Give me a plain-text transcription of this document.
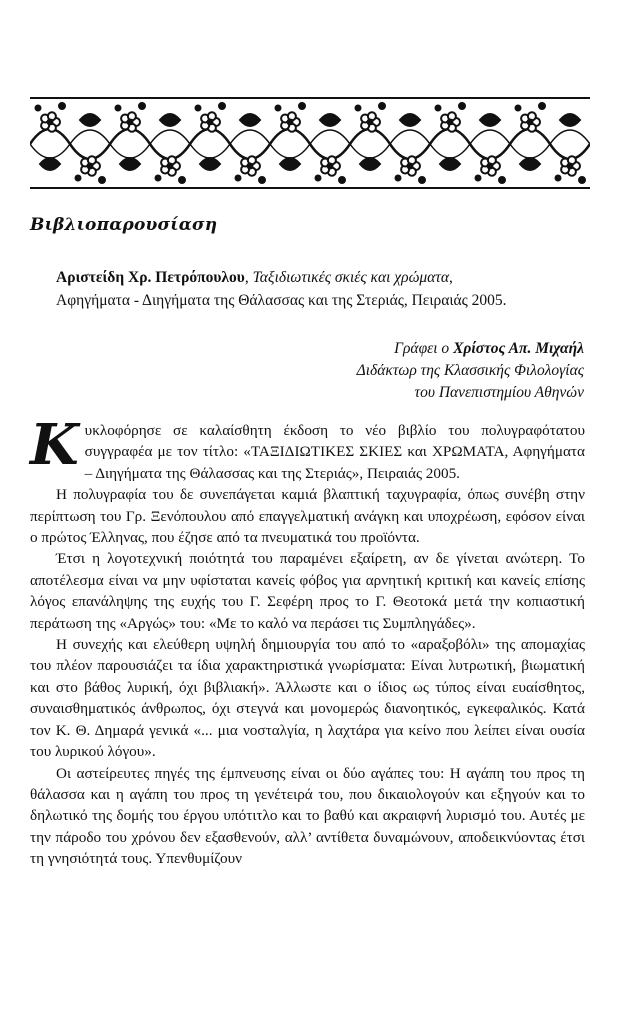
Βιβλιοπαρουσίαση
Αριστείδη Χρ. Πετρόπουλου, Ταξιδιωτικές σκιές και χρώματα,
Αφηγήματα - Διηγήματα της Θάλασσας και της Στεριάς, Πειραιάς 2005.
Γράφει ο Χρίστος Απ. Μιχαήλ
Διδάκτωρ της Κλασσικής Φιλολογίας
του Πανεπιστημίου Αθηνών

Κυκλοφόρησε σε καλαίσθητη έκδοση το νέο βιβλίο του πολυγραφότατου συγγραφέα με τον τίτλο: «ΤΑΞΙΔΙΩΤΙΚΕΣ ΣΚΙΕΣ και ΧΡΩΜΑΤΑ, Αφηγήματα – Διηγήματα της Θάλασσας και της Στεριάς», Πειραιάς 2005.

Η πολυγραφία του δε συνεπάγεται καμιά βλαπτική ταχυγραφία, όπως συνέβη στην περίπτωση του Γρ. Ξενόπουλου από επαγγελματική ανάγκη και υποχρέωση, εφόσον είναι ο πρώτος Έλληνας, που έζησε από τα πνευματικά του προϊόντα.

Έτσι η λογοτεχνική ποιότητά του παραμένει εξαίρετη, αν δε γίνεται ανώτερη. Το αποτέλεσμα είναι να μην υφίσταται κανείς φόβος για αρνητική κριτική και κανείς επίσης λόγος επανάληψης της ευχής του Γ. Σεφέρη προς το Γ. Θεοτοκά μετά την κοπιαστική περάτωση της «Αργώς» του: «Με το καλό να περάσει τις Συμπληγάδες».

Η συνεχής και ελεύθερη υψηλή δημιουργία του από το «αραξοβόλι» της απομαχίας του πλέον παρουσιάζει τα ίδια χαρακτηριστικά γνωρίσματα: Είναι λυτρωτική, βιωματική και στο βάθος λυρική, όχι βιβλιακή». Άλλωστε και ο ίδιος ως τύπος είναι ευαίσθητος, συναισθηματικός άνθρωπος, όχι στεγνά και μονομερώς διανοητικός, εγκεφαλικός. Κατά τον Κ. Θ. Δημαρά γενικά «... μια νοσταλγία, η λαχτάρα για κείνο που λείπει είναι ουσία του λυρικού λόγου».

Οι αστείρευτες πηγές της έμπνευσης είναι οι δύο αγάπες του: Η αγάπη του προς τη θάλασσα και η αγάπη του προς τη γενέτειρά του, που δικαιολογούν και εξηγούν και το δηλωτικό της δομής του έργου υπότιτλο και το βαθύ και ακραιφνή λυρισμό του. Αυτές με την πάροδο του χρόνου δεν εξασθενούν, αλλ’ αντίθετα δυναμώνουν, αποδεικνύοντας έτσι τη γνησιότητά τους. Υπενθυμίζουν
